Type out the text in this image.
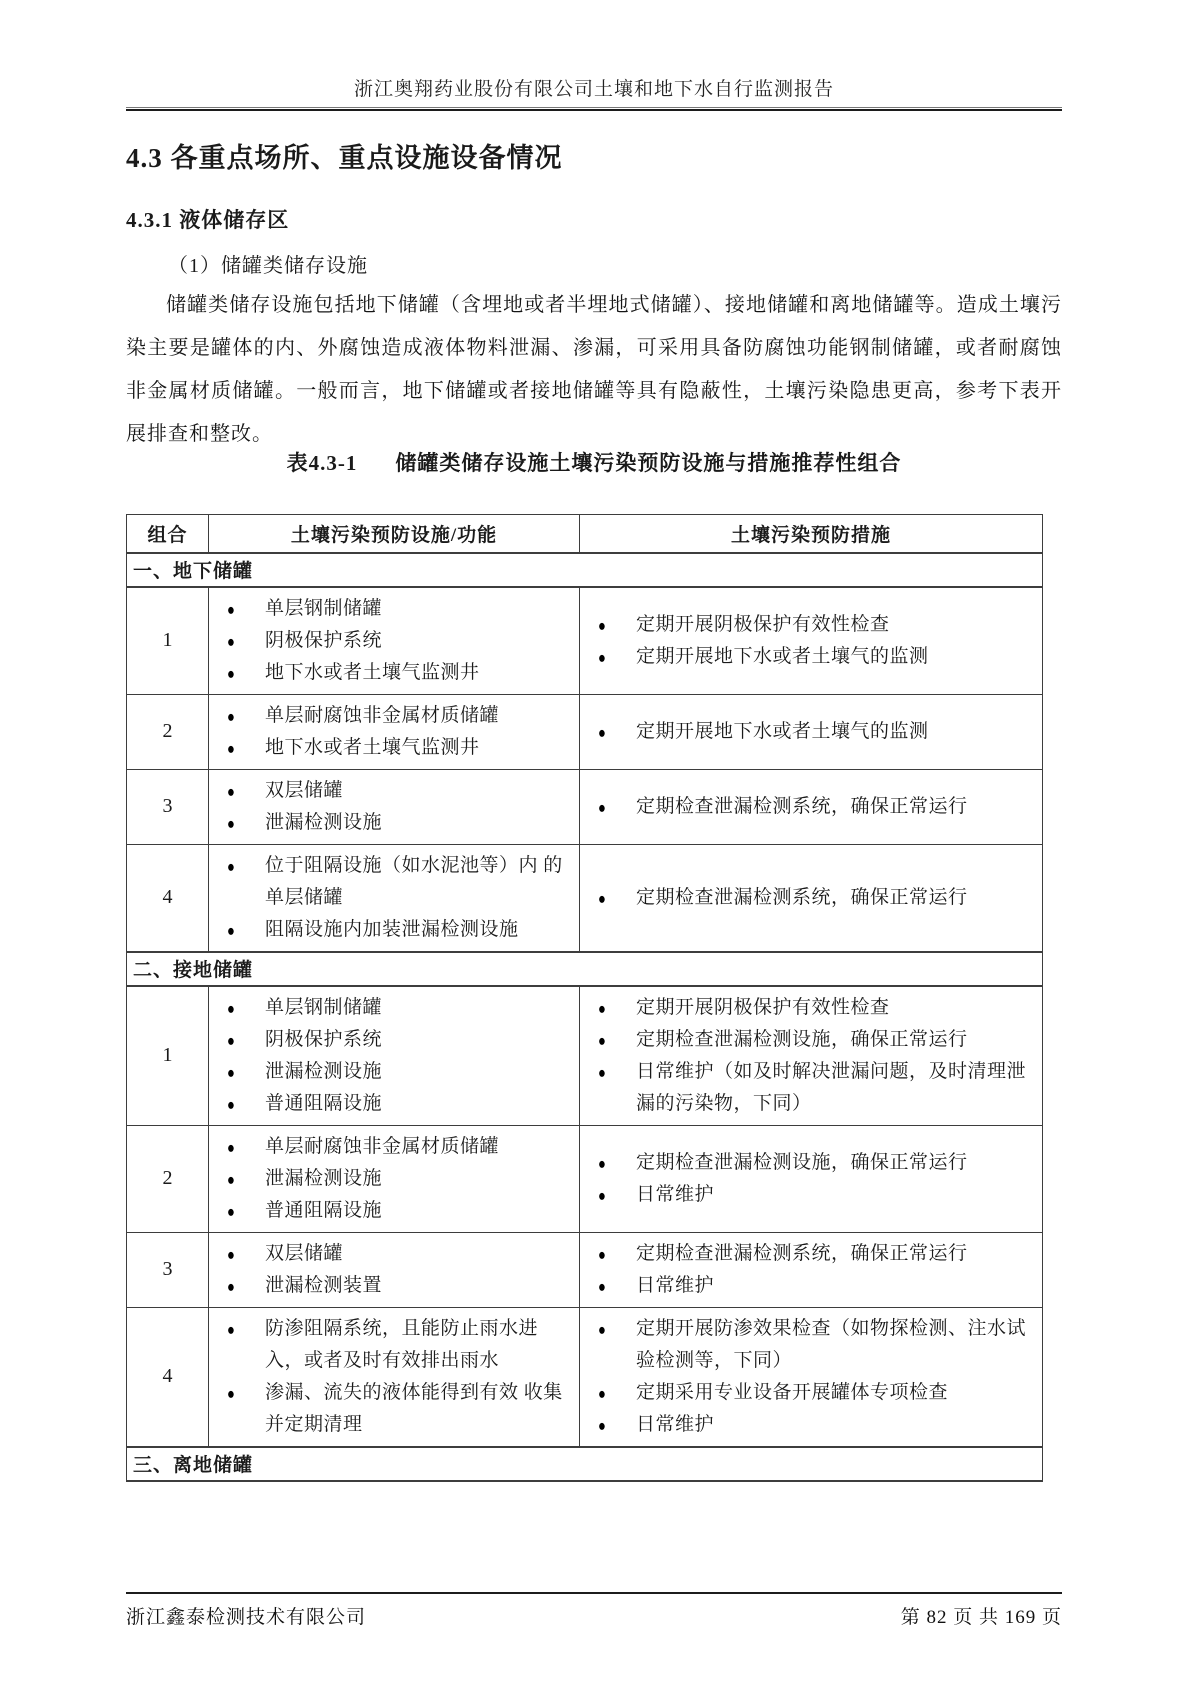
浙江奥翔药业股份有限公司土壤和地下水自行监测报告
4.3 各重点场所、重点设施设备情况
4.3.1 液体储存区
（1）储罐类储存设施
储罐类储存设施包括地下储罐（含埋地或者半埋地式储罐）、接地储罐和离地储罐等。造成土壤污染主要是罐体的内、外腐蚀造成液体物料泄漏、渗漏，可采用具备防腐蚀功能钢制储罐，或者耐腐蚀非金属材质储罐。一般而言，地下储罐或者接地储罐等具有隐蔽性，土壤污染隐患更高，参考下表开展排查和整改。
表4.3-1 储罐类储存设施土壤污染预防设施与措施推荐性组合
组合	土壤污染预防设施/功能	土壤污染预防措施
一、地下储罐		
1	
● 单层钢制储罐
● 阴极保护系统
● 地下水或者土壤气监测井

● 定期开展阴极保护有效性检查
● 定期开展地下水或者土壤气的监测

2	
● 单层耐腐蚀非金属材质储罐
● 地下水或者土壤气监测井

● 定期开展地下水或者土壤气的监测

3	
● 双层储罐
● 泄漏检测设施

● 定期检查泄漏检测系统，确保正常运行

4	
● 位于阻隔设施（如水泥池等）内 的单层储罐
● 阻隔设施内加装泄漏检测设施

● 定期检查泄漏检测系统，确保正常运行

二、接地储罐		
1	
● 单层钢制储罐
● 阴极保护系统
● 泄漏检测设施
● 普通阻隔设施

● 定期开展阴极保护有效性检查
● 定期检查泄漏检测设施，确保正常运行
● 日常维护（如及时解决泄漏问题，及时清理泄漏的污染物，下同）

2	
● 单层耐腐蚀非金属材质储罐
● 泄漏检测设施
● 普通阻隔设施

● 定期检查泄漏检测设施，确保正常运行
● 日常维护

3	
● 双层储罐
● 泄漏检测装置

● 定期检查泄漏检测系统，确保正常运行
● 日常维护

4	
● 防渗阻隔系统，且能防止雨水进 入，或者及时有效排出雨水
● 渗漏、流失的液体能得到有效 收集并定期清理

● 定期开展防渗效果检查（如物探检测、注水试验检测等，下同）
● 定期采用专业设备开展罐体专项检查
● 日常维护

三、离地储罐		
浙江鑫泰检测技术有限公司	第 82 页 共 169 页
